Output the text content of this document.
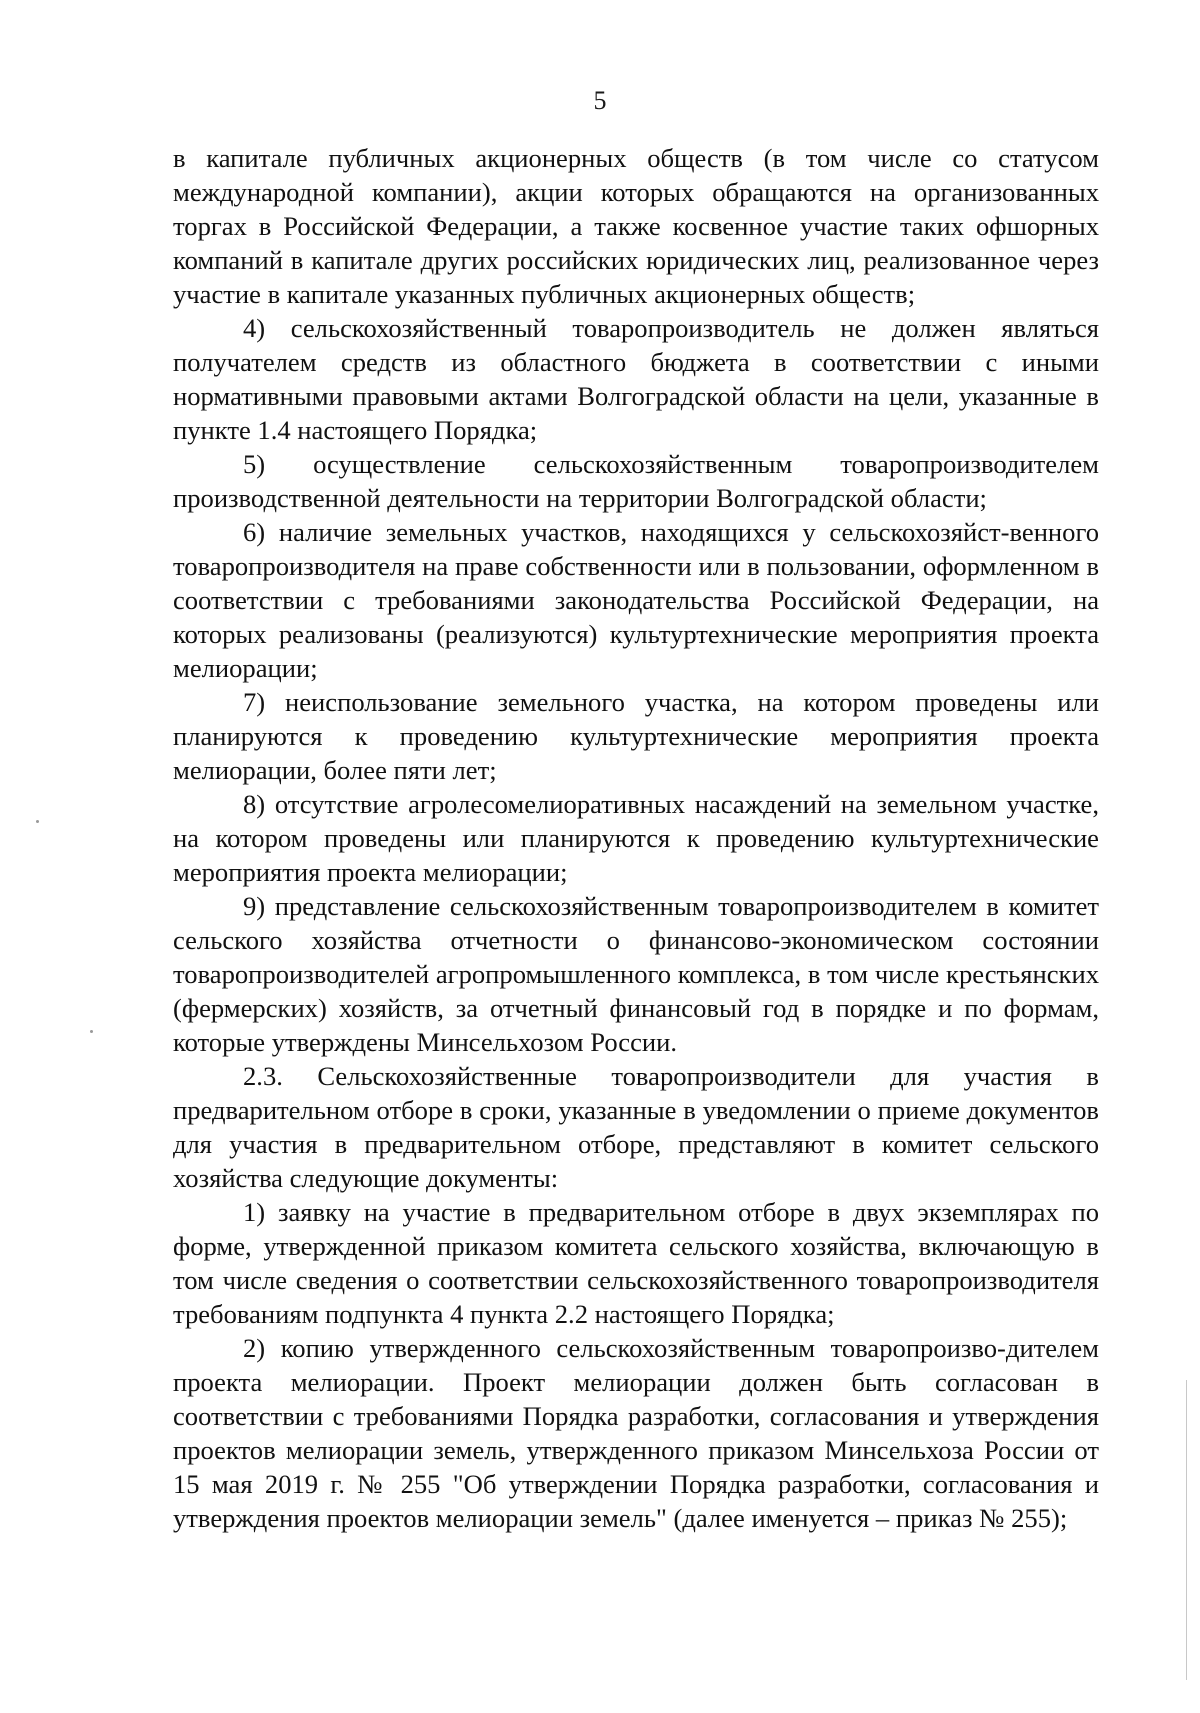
5

в капитале публичных акционерных обществ (в том числе со статусом международной компании), акции которых обращаются на организованных торгах в Российской Федерации, а также косвенное участие таких офшорных компаний в капитале других российских юридических лиц, реализованное через участие в капитале указанных публичных акционерных обществ;

4) сельскохозяйственный товаропроизводитель не должен являться получателем средств из областного бюджета в соответствии с иными нормативными правовыми актами Волгоградской области на цели, указанные в пункте 1.4 настоящего Порядка;

5) осуществление сельскохозяйственным товаропроизводителем производственной деятельности на территории Волгоградской области;

6) наличие земельных участков, находящихся у сельскохозяйст-венного товаропроизводителя на праве собственности или в пользовании, оформленном в соответствии с требованиями законодательства Российской Федерации, на которых реализованы (реализуются) культуртехнические мероприятия проекта мелиорации;

7) неиспользование земельного участка, на котором проведены или планируются к проведению культуртехнические мероприятия проекта мелиорации, более пяти лет;

8) отсутствие агролесомелиоративных насаждений на земельном участке, на котором проведены или планируются к проведению культуртехнические мероприятия проекта мелиорации;

9) представление сельскохозяйственным товаропроизводителем в комитет сельского хозяйства отчетности о финансово-экономическом состоянии товаропроизводителей агропромышленного комплекса, в том числе крестьянских (фермерских) хозяйств, за отчетный финансовый год в порядке и по формам, которые утверждены Минсельхозом России.

2.3. Сельскохозяйственные товаропроизводители для участия в предварительном отборе в сроки, указанные в уведомлении о приеме документов для участия в предварительном отборе, представляют в комитет сельского хозяйства следующие документы:

1) заявку на участие в предварительном отборе в двух экземплярах по форме, утвержденной приказом комитета сельского хозяйства, включающую в том числе сведения о соответствии сельскохозяйственного товаропроизводителя требованиям подпункта 4 пункта 2.2 настоящего Порядка;

2) копию утвержденного сельскохозяйственным товаропроизво-дителем проекта мелиорации. Проект мелиорации должен быть согласован в соответствии с требованиями Порядка разработки, согласования и утверждения проектов мелиорации земель, утвержденного приказом Минсельхоза России от 15 мая 2019 г. № 255 "Об утверждении Порядка разработки, согласования и утверждения проектов мелиорации земель" (далее именуется – приказ № 255);
